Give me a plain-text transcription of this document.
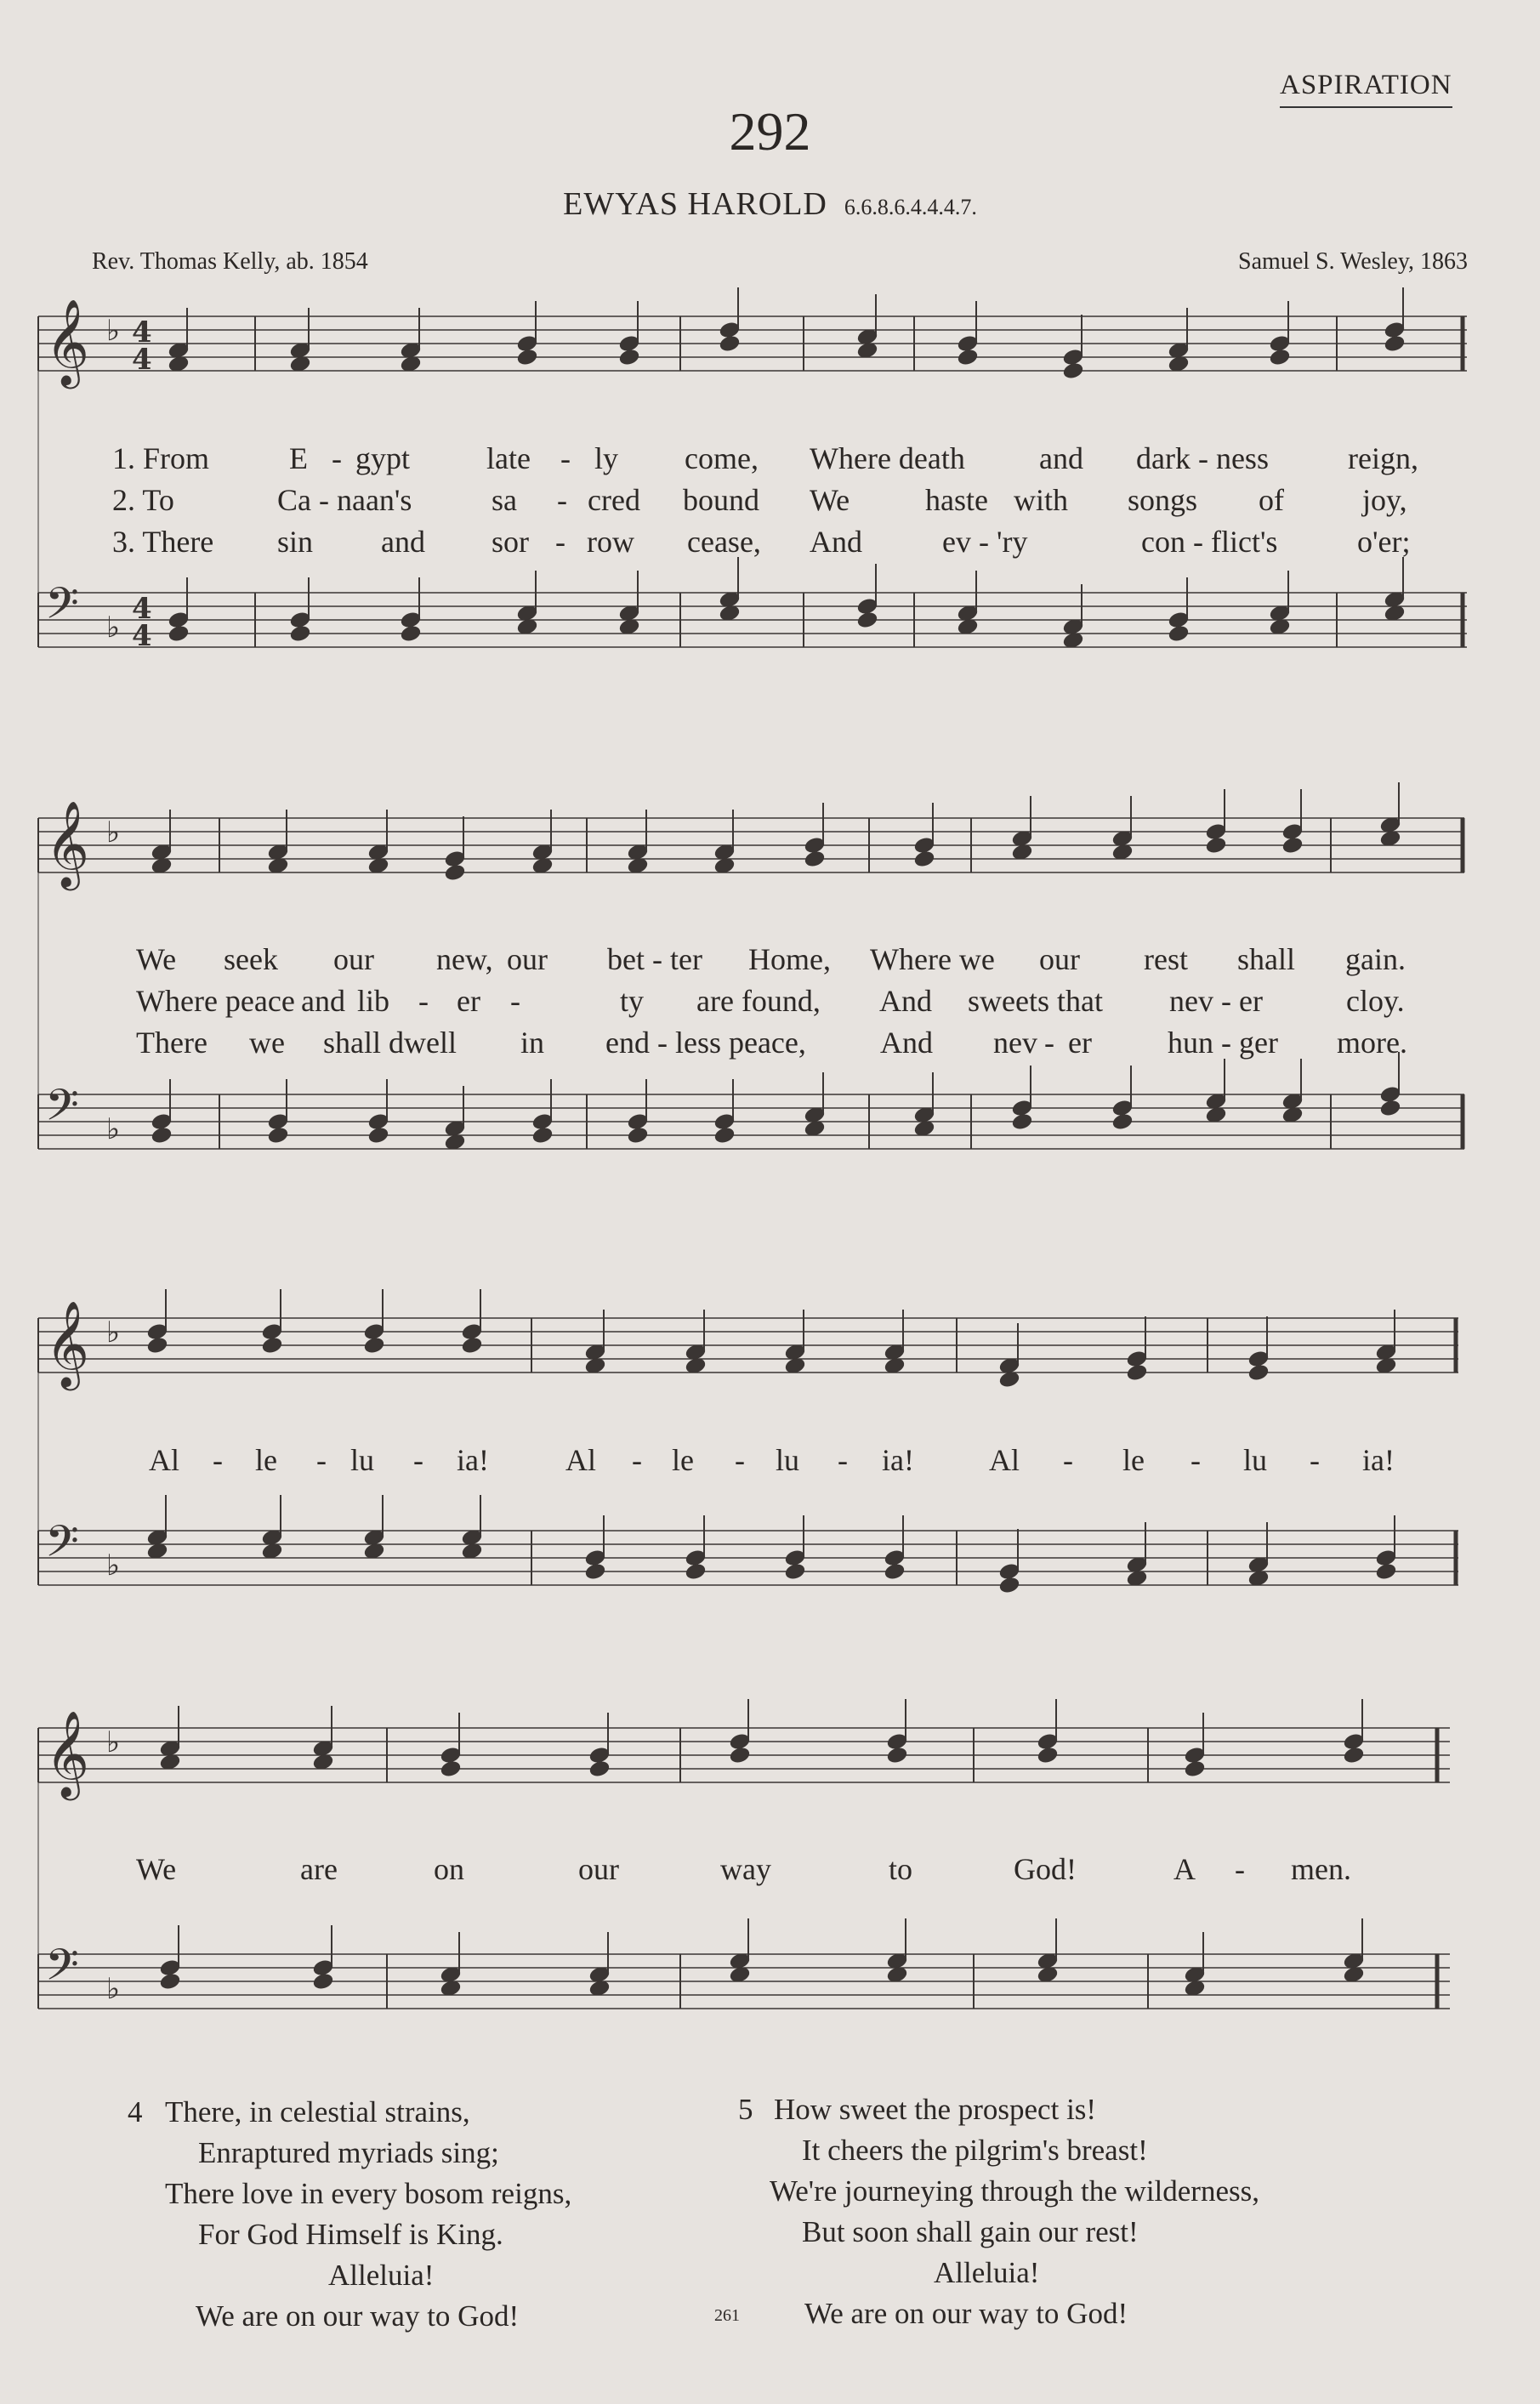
ASPIRATION
292
EWYAS HAROLD 6.6.8.6.4.4.4.7.
Rev. Thomas Kelly, ab. 1854	Samuel S. Wesley, 1863
𝄞 ♭ 4
4
𝄢 ♭
4
4
𝄞 ♭
𝄢 ♭
𝄞 ♭
𝄢 ♭
𝄞 ♭
𝄢 ♭
1. From	E - gypt late - ly come, Where death and dark - ness	reign,
2. To	Ca - naan's	sa - cred bound We haste with songs of	joy,
3. There sin and sor - row cease, And	ev - 'ry	con - flict's	o'er;
We seek our new, our bet - ter Home, Where we our rest shall gain.
Where peace and lib - er -	ty are found, And sweets that nev - er	cloy.
There we shall dwell in end - less peace, And nev - er hun - ger more.
Al - le - lu - ia!	Al - le - lu - ia! Al - le - lu - ia!
We	are	on	our	way	to	God!	A - men.
4 There, in celestial strains,
Enraptured myriads sing;
There love in every bosom reigns,
For God Himself is King.
Alleluia!
We are on our way to God!
5 How sweet the prospect is!
It cheers the pilgrim's breast!
We're journeying through the wilderness,
But soon shall gain our rest!
Alleluia!
We are on our way to God!
261
